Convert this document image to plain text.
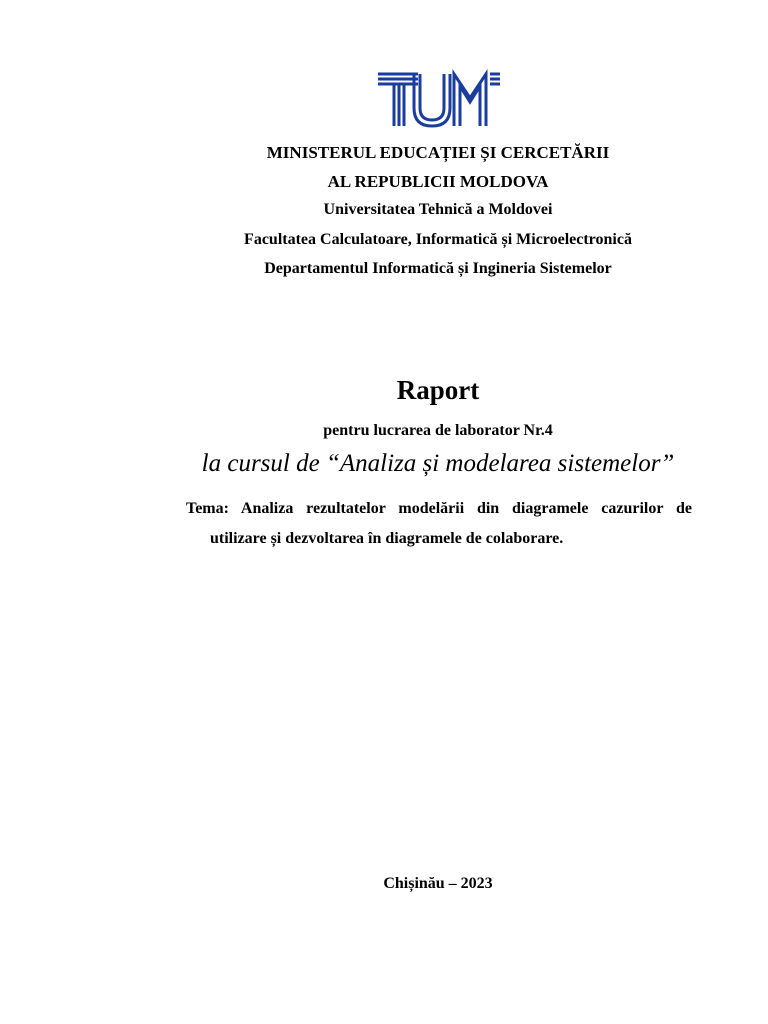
MINISTERUL EDUCAȚIEI ȘI CERCETĂRII
AL REPUBLICII MOLDOVA
Universitatea Tehnică a Moldovei
Facultatea Calculatoare, Informatică și Microelectronică
Departamentul Informatică și Ingineria Sistemelor
Raport
pentru lucrarea de laborator Nr.4
la cursul de “Analiza și modelarea sistemelor”
Tema: Analiza rezultatelor modelării din diagramele cazurilor de
utilizare și dezvoltarea în diagramele de colaborare.
Chișinău – 2023
